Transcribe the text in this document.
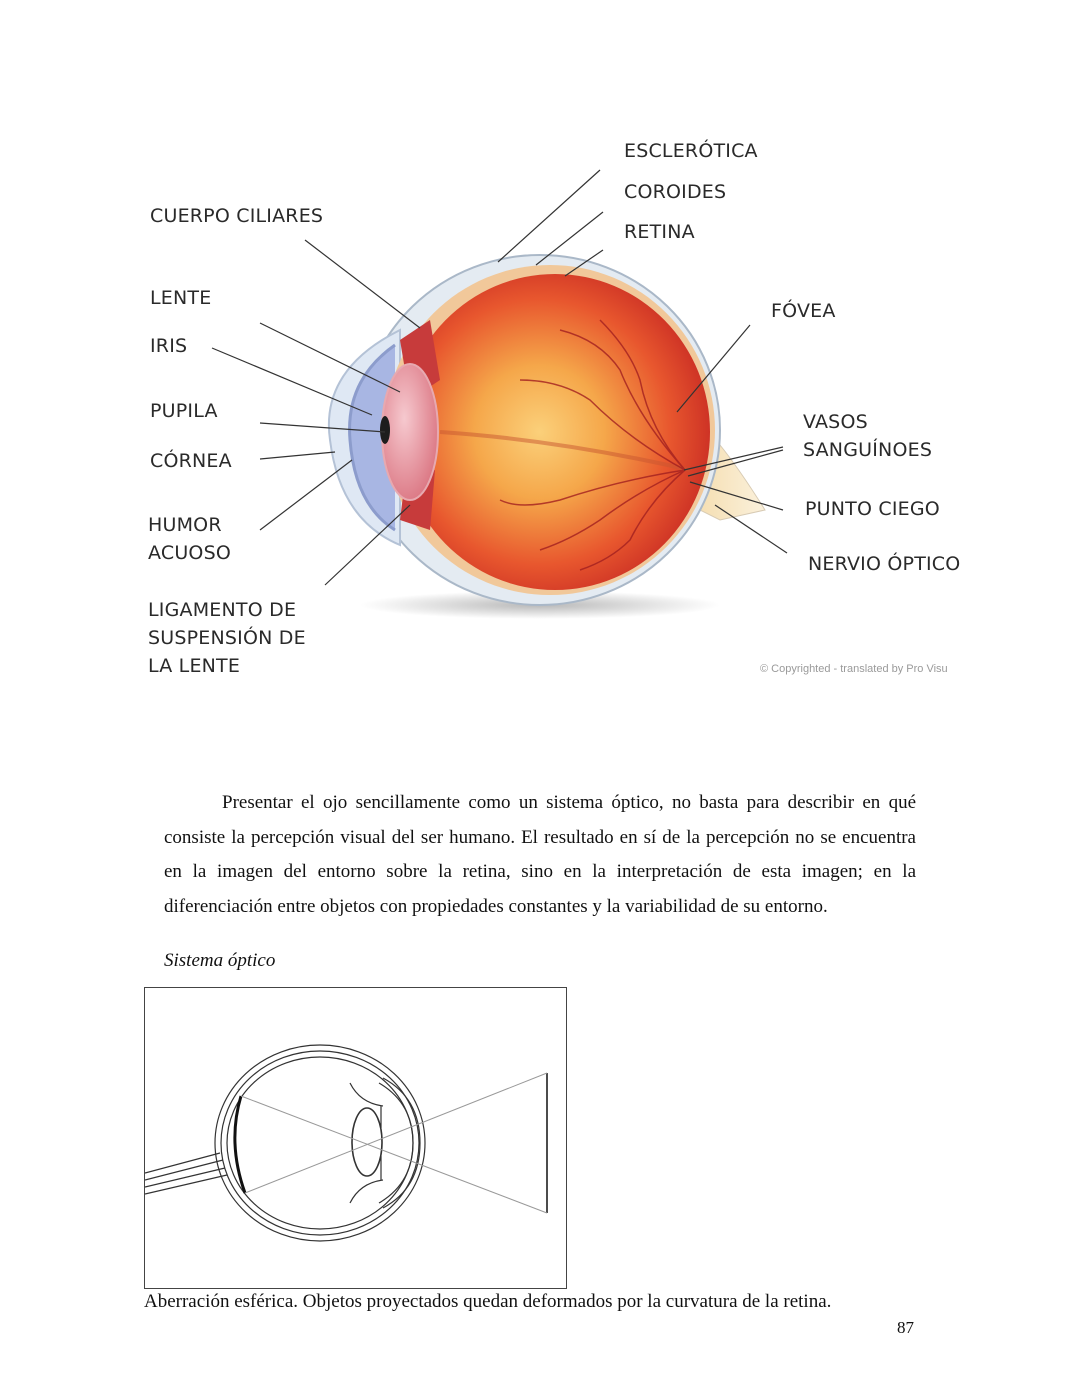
CUERPO CILIARES
LENTE
IRIS
PUPILA
CÓRNEA
HUMOR
ACUOSO
LIGAMENTO DE
SUSPENSIÓN DE
LA LENTE
ESCLERÓTICA
COROIDES
RETINA
FÓVEA
VASOS
SANGUÍNOES
PUNTO CIEGO
NERVIO ÓPTICO
© Copyrighted - translated by Pro Visu

Presentar el ojo sencillamente como un sistema óptico, no basta para describir en qué consiste la percepción visual del ser humano. El resultado en sí de la percepción no se encuentra en la imagen del entorno sobre la retina, sino en la interpretación de esta imagen; en la diferenciación entre objetos con propiedades constantes y la variabilidad de su entorno.

Sistema óptico
Aberración esférica. Objetos proyectados quedan deformados por la curvatura de la retina.
87
